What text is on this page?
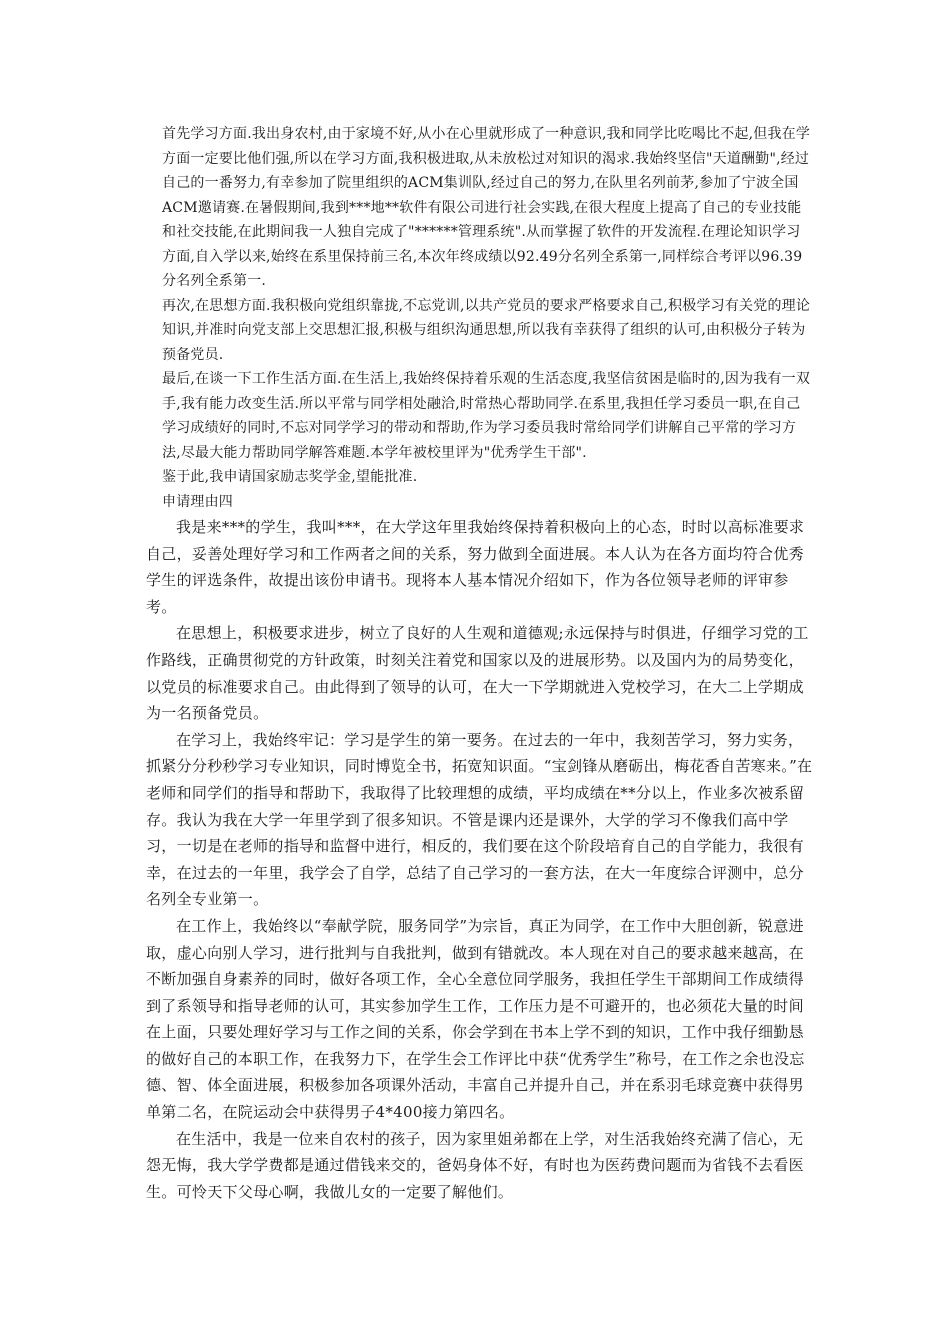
首先学习方面.我出身农村,由于家境不好,从小在心里就形成了一种意识,我和同学比吃喝比不起,但我在学方面一定要比他们强,所以在学习方面,我积极进取,从未放松过对知识的渴求.我始终坚信"天道酬勤",经过自己的一番努力,有幸参加了院里组织的ACM集训队,经过自己的努力,在队里名列前茅,参加了宁波全国ACM邀请赛.在暑假期间,我到***地**软件有限公司进行社会实践,在很大程度上提高了自己的专业技能和社交技能,在此期间我一人独自完成了"******管理系统".从而掌握了软件的开发流程.在理论知识学习方面,自入学以来,始终在系里保持前三名,本次年终成绩以92.49分名列全系第一,同样综合考评以96.39分名列全系第一.

再次,在思想方面.我积极向党组织靠拢,不忘党训,以共产党员的要求严格要求自己,积极学习有关党的理论知识,并准时向党支部上交思想汇报,积极与组织沟通思想,所以我有幸获得了组织的认可,由积极分子转为预备党员.

最后,在谈一下工作生活方面.在生活上,我始终保持着乐观的生活态度,我坚信贫困是临时的,因为我有一双手,我有能力改变生活.所以平常与同学相处融洽,时常热心帮助同学.在系里,我担任学习委员一职,在自己学习成绩好的同时,不忘对同学学习的带动和帮助,作为学习委员我时常给同学们讲解自己平常的学习方法,尽最大能力帮助同学解答难题.本学年被校里评为"优秀学生干部".

鉴于此,我申请国家励志奖学金,望能批准.

申请理由四

我是来***的学生，我叫***，在大学这年里我始终保持着积极向上的心态，时时以高标准要求自己，妥善处理好学习和工作两者之间的关系，努力做到全面进展。本人认为在各方面均符合优秀学生的评选条件，故提出该份申请书。现将本人基本情况介绍如下，作为各位领导老师的评审参考。

在思想上，积极要求进步，树立了良好的人生观和道德观;永远保持与时俱进，仔细学习党的工作路线，正确贯彻党的方针政策，时刻关注着党和国家以及的进展形势。以及国内为的局势变化，以党员的标准要求自己。由此得到了领导的认可，在大一下学期就进入党校学习，在大二上学期成为一名预备党员。

在学习上，我始终牢记：学习是学生的第一要务。在过去的一年中，我刻苦学习，努力实务，抓紧分分秒秒学习专业知识，同时博览全书，拓宽知识面。“宝剑锋从磨砺出，梅花香自苦寒来。”在老师和同学们的指导和帮助下，我取得了比较理想的成绩，平均成绩在**分以上，作业多次被系留存。我认为我在大学一年里学到了很多知识。不管是课内还是课外，大学的学习不像我们高中学习，一切是在老师的指导和监督中进行，相反的，我们要在这个阶段培育自己的自学能力，我很有幸，在过去的一年里，我学会了自学，总结了自己学习的一套方法，在大一年度综合评测中，总分名列全专业第一。

在工作上，我始终以“奉献学院，服务同学”为宗旨，真正为同学，在工作中大胆创新，锐意进取，虚心向别人学习，进行批判与自我批判，做到有错就改。本人现在对自己的要求越来越高，在不断加强自身素养的同时，做好各项工作，全心全意位同学服务，我担任学生干部期间工作成绩得到了系领导和指导老师的认可，其实参加学生工作，工作压力是不可避开的，也必须花大量的时间在上面，只要处理好学习与工作之间的关系，你会学到在书本上学不到的知识，工作中我仔细勤恳的做好自己的本职工作，在我努力下，在学生会工作评比中获“优秀学生”称号，在工作之余也没忘德、智、体全面进展，积极参加各项课外活动，丰富自己并提升自己，并在系羽毛球竞赛中获得男单第二名，在院运动会中获得男子4*400接力第四名。

在生活中，我是一位来自农村的孩子，因为家里姐弟都在上学，对生活我始终充满了信心，无怨无悔，我大学学费都是通过借钱来交的，爸妈身体不好，有时也为医药费问题而为省钱不去看医生。可怜天下父母心啊，我做儿女的一定要了解他们。
